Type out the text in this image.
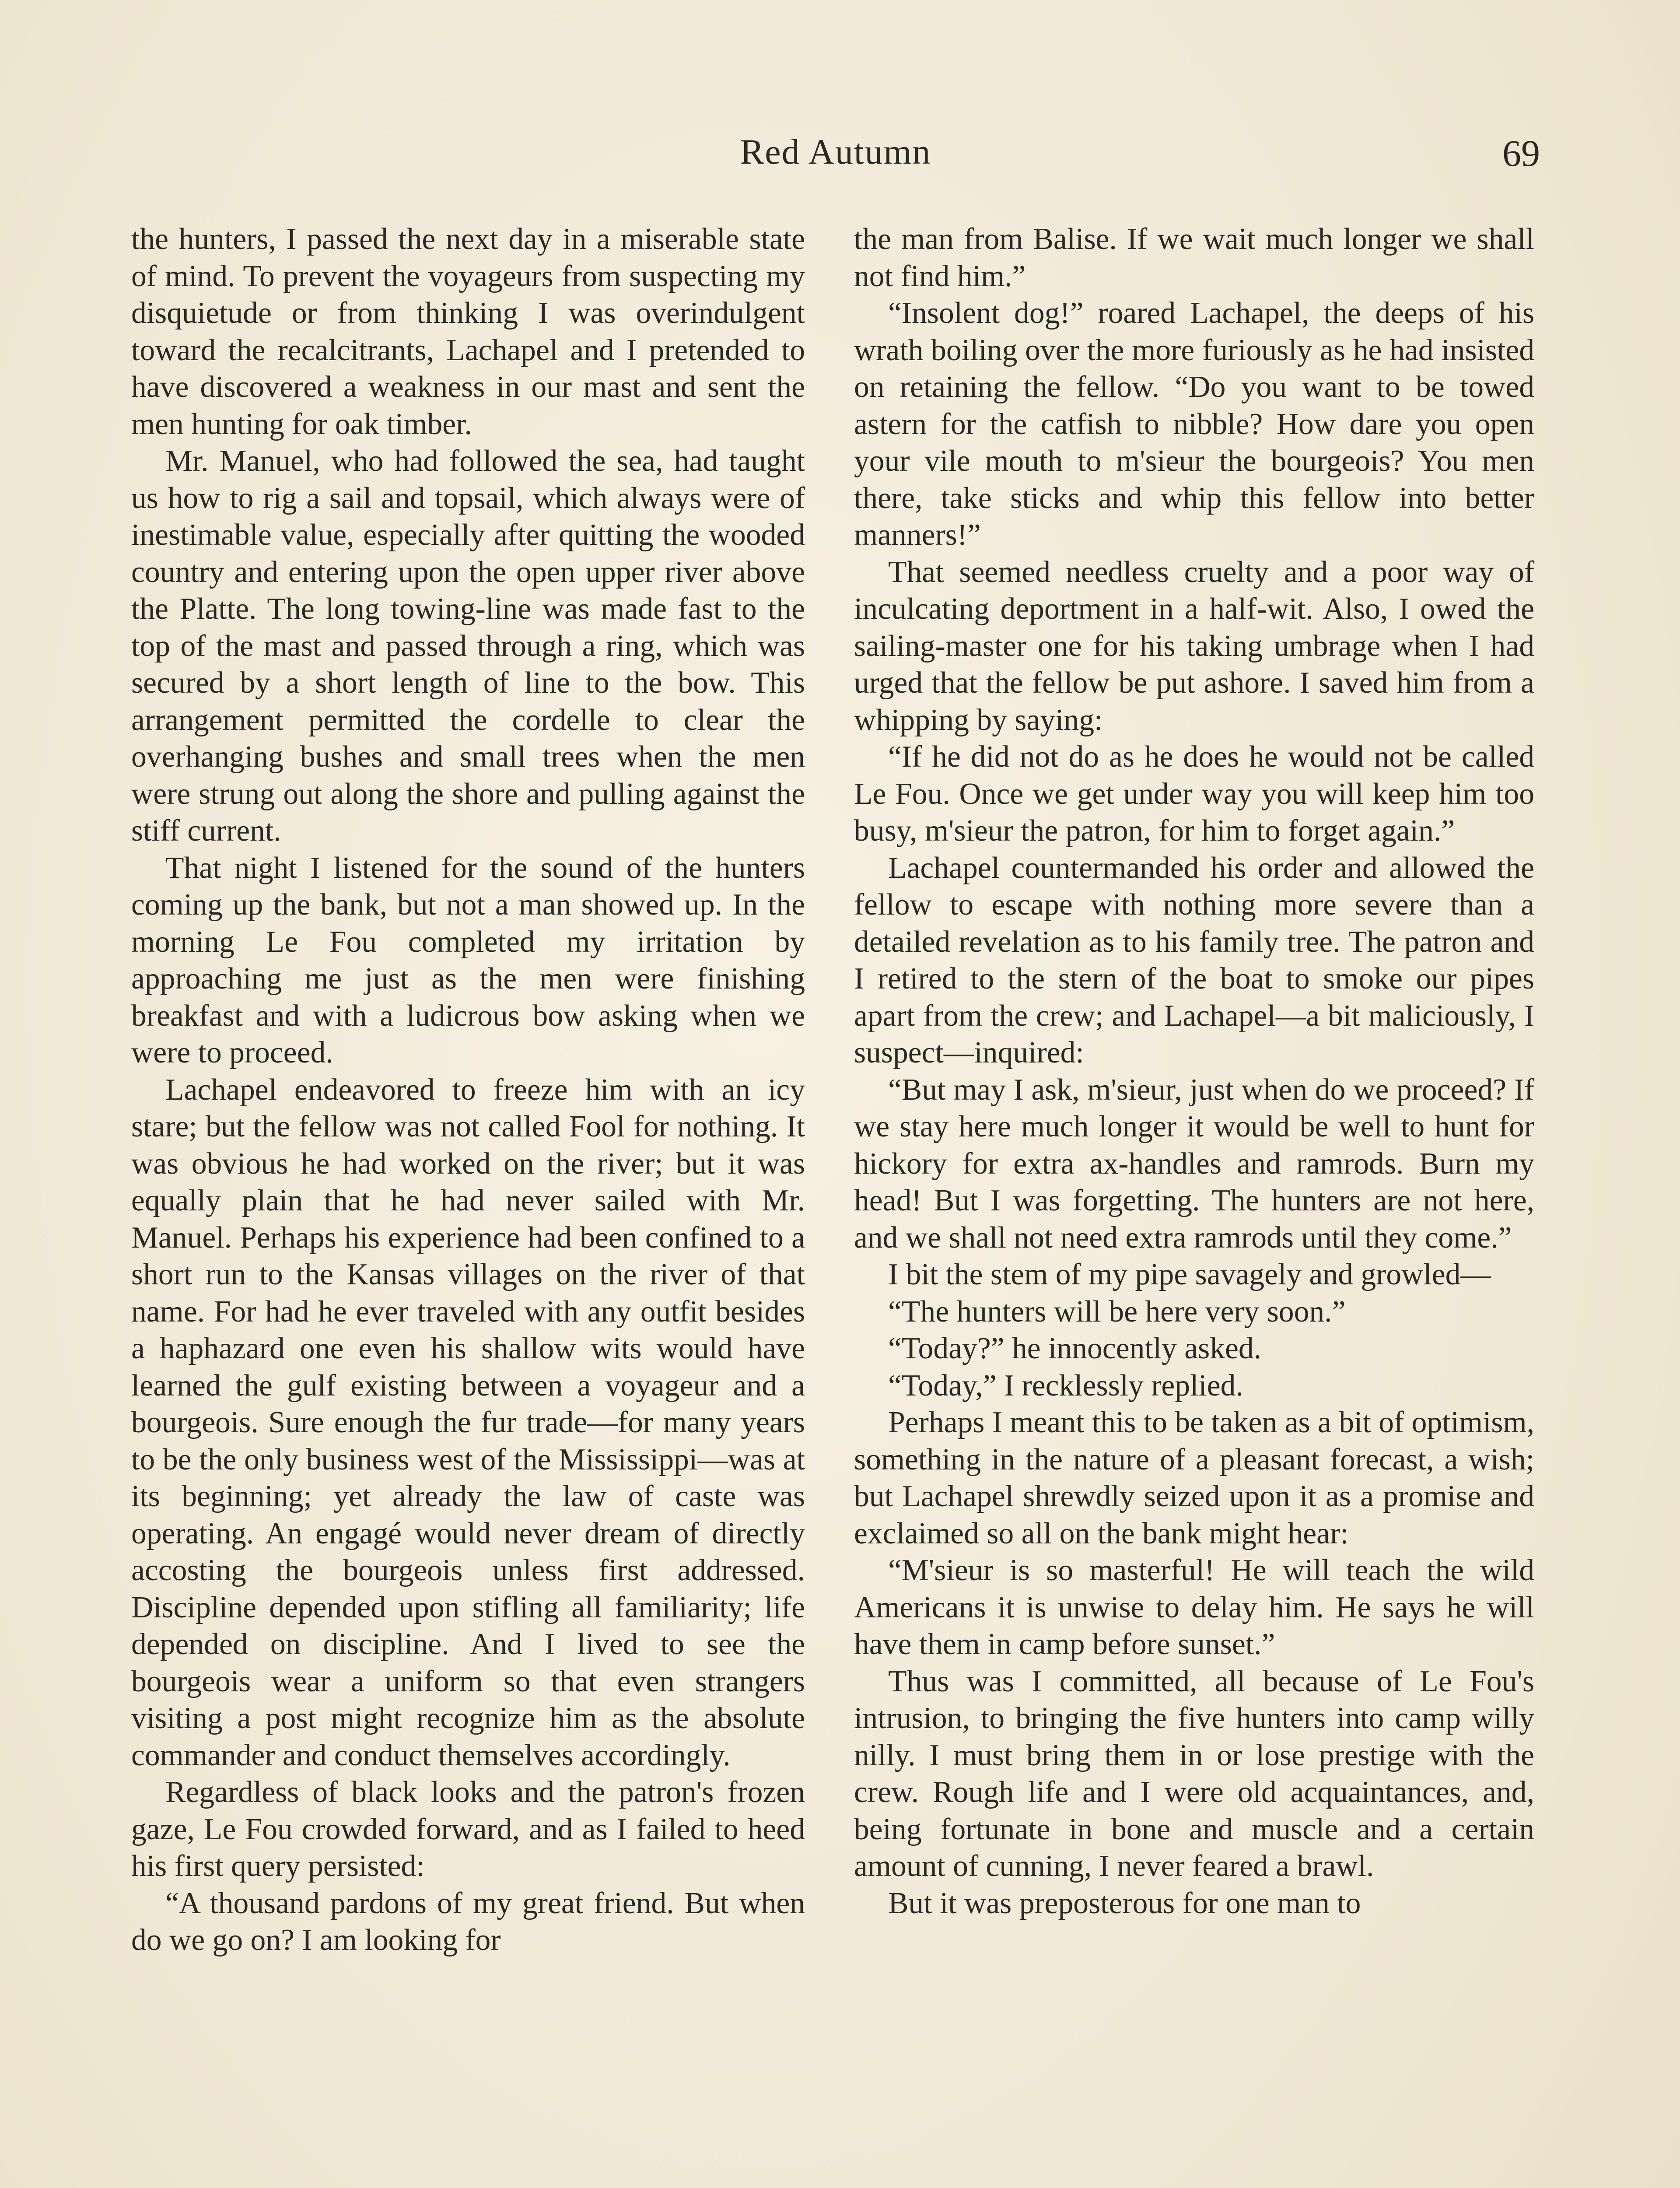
Red Autumn	69

the hunters, I passed the next day in a miserable state of mind. To prevent the voyageurs from suspecting my disquietude or from thinking I was overindulgent toward the recalcitrants, Lachapel and I pretended to have discovered a weakness in our mast and sent the men hunting for oak timber.

Mr. Manuel, who had followed the sea, had taught us how to rig a sail and topsail, which always were of inestimable value, especially after quitting the wooded country and entering upon the open upper river above the Platte. The long towing-line was made fast to the top of the mast and passed through a ring, which was secured by a short length of line to the bow. This arrangement permitted the cordelle to clear the overhanging bushes and small trees when the men were strung out along the shore and pulling against the stiff current.

That night I listened for the sound of the hunters coming up the bank, but not a man showed up. In the morning Le Fou completed my irritation by approaching me just as the men were finishing breakfast and with a ludicrous bow asking when we were to proceed.

Lachapel endeavored to freeze him with an icy stare; but the fellow was not called Fool for nothing. It was obvious he had worked on the river; but it was equally plain that he had never sailed with Mr. Manuel. Perhaps his experience had been confined to a short run to the Kansas villages on the river of that name. For had he ever traveled with any outfit besides a haphazard one even his shallow wits would have learned the gulf existing between a voyageur and a bourgeois. Sure enough the fur trade—for many years to be the only business west of the Mississippi—was at its beginning; yet already the law of caste was operating. An engagé would never dream of directly accosting the bourgeois unless first addressed. Discipline depended upon stifling all familiarity; life depended on discipline. And I lived to see the bourgeois wear a uniform so that even strangers visiting a post might recognize him as the absolute commander and conduct themselves accordingly.

Regardless of black looks and the patron's frozen gaze, Le Fou crowded forward, and as I failed to heed his first query persisted:

“A thousand pardons of my great friend. But when do we go on? I am looking for

the man from Balise. If we wait much longer we shall not find him.”

“Insolent dog!” roared Lachapel, the deeps of his wrath boiling over the more furiously as he had insisted on retaining the fellow. “Do you want to be towed astern for the catfish to nibble? How dare you open your vile mouth to m'sieur the bourgeois? You men there, take sticks and whip this fellow into better manners!”

That seemed needless cruelty and a poor way of inculcating deportment in a half-wit. Also, I owed the sailing-master one for his taking umbrage when I had urged that the fellow be put ashore. I saved him from a whipping by saying:

“If he did not do as he does he would not be called Le Fou. Once we get under way you will keep him too busy, m'sieur the patron, for him to forget again.”

Lachapel countermanded his order and allowed the fellow to escape with nothing more severe than a detailed revelation as to his family tree. The patron and I retired to the stern of the boat to smoke our pipes apart from the crew; and Lachapel—a bit maliciously, I suspect—inquired:

“But may I ask, m'sieur, just when do we proceed? If we stay here much longer it would be well to hunt for hickory for extra ax-handles and ramrods. Burn my head! But I was forgetting. The hunters are not here, and we shall not need extra ramrods until they come.”

I bit the stem of my pipe savagely and growled—

“The hunters will be here very soon.”

“Today?” he innocently asked.

“Today,” I recklessly replied.

Perhaps I meant this to be taken as a bit of optimism, something in the nature of a pleasant forecast, a wish; but Lachapel shrewdly seized upon it as a promise and exclaimed so all on the bank might hear:

“M'sieur is so masterful! He will teach the wild Americans it is unwise to delay him. He says he will have them in camp before sunset.”

Thus was I committed, all because of Le Fou's intrusion, to bringing the five hunters into camp willy nilly. I must bring them in or lose prestige with the crew. Rough life and I were old acquaintances, and, being fortunate in bone and muscle and a certain amount of cunning, I never feared a brawl.

But it was preposterous for one man to
